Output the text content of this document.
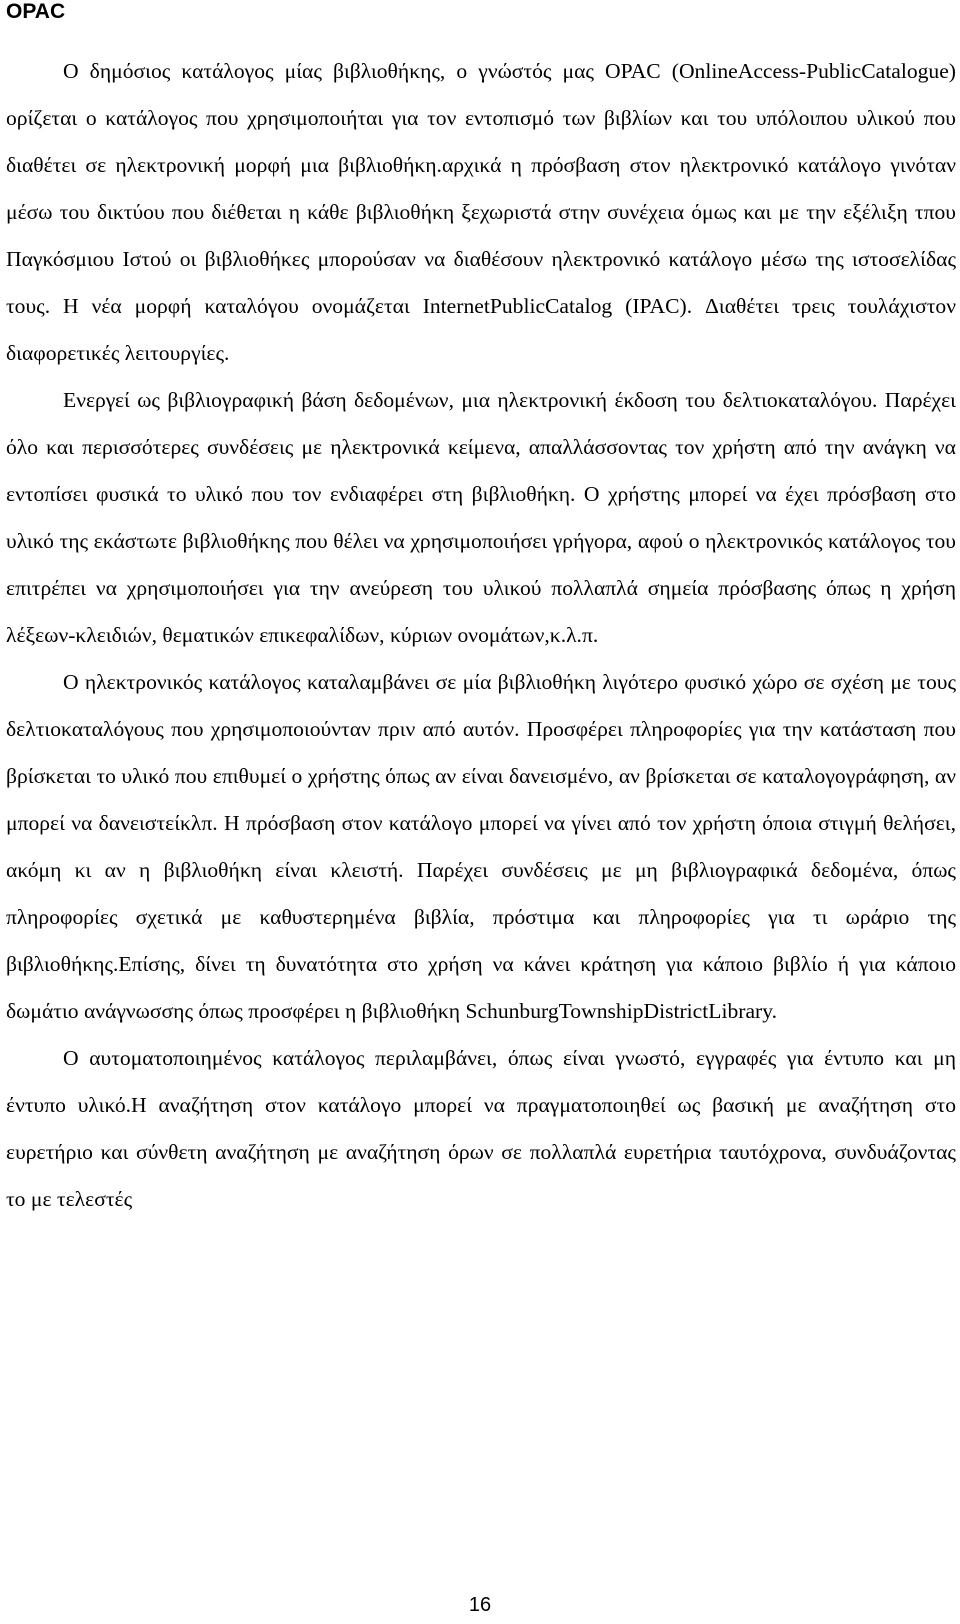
OPAC

Ο δημόσιος κατάλογος μίας βιβλιοθήκης, ο γνώστός μας OPAC (OnlineAccess-PublicCatalogue) ορίζεται ο κατάλογος που χρησιμοποιήται για τον εντοπισμό των βιβλίων και του υπόλοιπου υλικού που διαθέτει σε ηλεκτρονική μορφή μια βιβλιοθήκη.αρχικά η πρόσβαση στον ηλεκτρονικό κατάλογο γινόταν μέσω του δικτύου που διέθεται η κάθε βιβλιοθήκη ξεχωριστά στην συνέχεια όμως και με την εξέλιξη τπου Παγκόσμιου Ιστού οι βιβλιοθήκες μπορούσαν να διαθέσουν ηλεκτρονικό κατάλογο μέσω της ιστοσελίδας τους. Η νέα μορφή καταλόγου ονομάζεται InternetPublicCatalog (IPAC). Διαθέτει τρεις τουλάχιστον διαφορετικές λειτουργίες.

Ενεργεί ως βιβλιογραφική βάση δεδομένων, μια ηλεκτρονική έκδοση του δελτιοκαταλόγου. Παρέχει όλο και περισσότερες συνδέσεις με ηλεκτρονικά κείμενα, απαλλάσσοντας τον χρήστη από την ανάγκη να εντοπίσει φυσικά το υλικό που τον ενδιαφέρει στη βιβλιοθήκη. Ο χρήστης μπορεί να έχει πρόσβαση στο υλικό της εκάστωτε βιβλιοθήκης που θέλει να χρησιμοποιήσει γρήγορα, αφού ο ηλεκτρονικός κατάλογος του επιτρέπει να χρησιμοποιήσει για την ανεύρεση του υλικού πολλαπλά σημεία πρόσβασης όπως η χρήση λέξεων-κλειδιών, θεματικών επικεφαλίδων, κύριων ονομάτων,κ.λ.π.

Ο ηλεκτρονικός κατάλογος καταλαμβάνει σε μία βιβλιοθήκη λιγότερο φυσικό χώρο σε σχέση με τους δελτιοκαταλόγους που χρησιμοποιούνταν πριν από αυτόν. Προσφέρει πληροφορίες για την κατάσταση που βρίσκεται το υλικό που επιθυμεί ο χρήστης όπως αν είναι δανεισμένο, αν βρίσκεται σε καταλογογράφηση, αν μπορεί να δανειστείκλπ. Η πρόσβαση στον κατάλογο μπορεί να γίνει από τον χρήστη όποια στιγμή θελήσει, ακόμη κι αν η βιβλιοθήκη είναι κλειστή. Παρέχει συνδέσεις με μη βιβλιογραφικά δεδομένα, όπως πληροφορίες σχετικά με καθυστερημένα βιβλία, πρόστιμα και πληροφορίες για τι ωράριο της βιβλιοθήκης.Επίσης, δίνει τη δυνατότητα στο χρήση να κάνει κράτηση για κάποιο βιβλίο ή για κάποιο δωμάτιο ανάγνωσσης όπως προσφέρει η βιβλιοθήκη SchunburgTownshipDistrictLibrary.

Ο αυτοματοποιημένος κατάλογος περιλαμβάνει, όπως είναι γνωστό, εγγραφές για έντυπο και μη έντυπο υλικό.Η αναζήτηση στον κατάλογο μπορεί να πραγματοποιηθεί ως βασική με αναζήτηση στο ευρετήριο και σύνθετη αναζήτηση με αναζήτηση όρων σε πολλαπλά ευρετήρια ταυτόχρονα, συνδυάζοντας το με τελεστές

16
